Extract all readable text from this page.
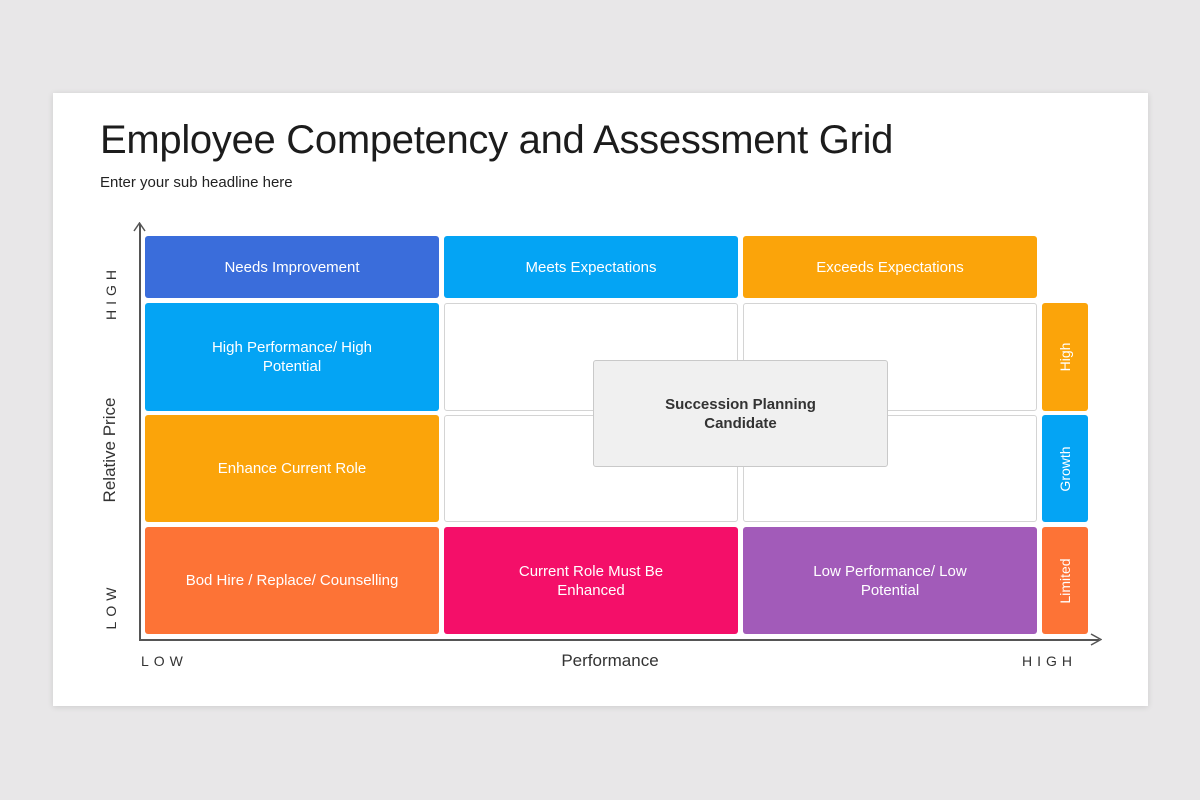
Employee Competency and Assessment Grid
Enter your sub headline here
HIGH
Relative Price
LOW
LOW	Performance	HIGH
Needs Improvement	Meets Expectations	Exceeds Expectations
High Performance/ High Potential
Enhance Current Role
Bod Hire / Replace/ Counselling
Current Role Must Be Enhanced
Low Performance/ Low Potential
Succession Planning Candidate
High
Growth
Limited
